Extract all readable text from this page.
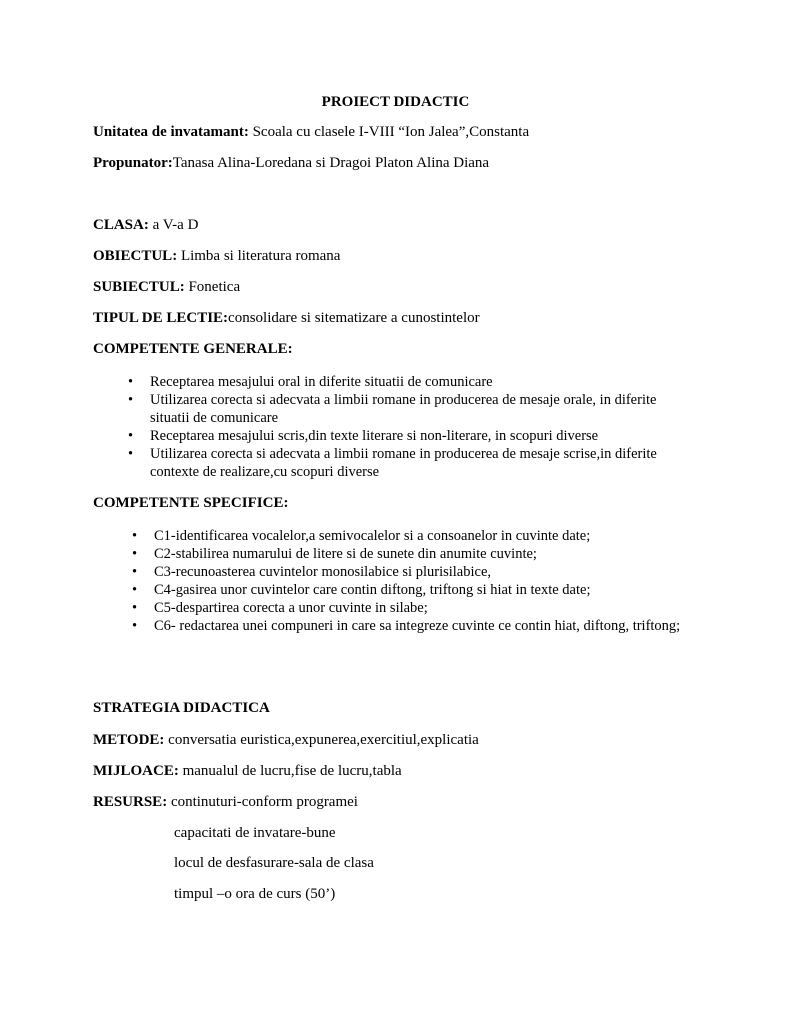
PROIECT DIDACTIC
Unitatea de invatamant: Scoala cu clasele I-VIII “Ion Jalea”,Constanta
Propunator:Tanasa Alina-Loredana si Dragoi Platon Alina Diana
CLASA: a V-a D
OBIECTUL: Limba si literatura romana
SUBIECTUL: Fonetica
TIPUL DE LECTIE:consolidare si sitematizare a cunostintelor
COMPETENTE GENERALE:
•	Receptarea mesajului oral in diferite situatii de comunicare
•	Utilizarea corecta si adecvata a limbii romane in producerea de mesaje orale, in diferite situatii de comunicare
•	Receptarea mesajului scris,din texte literare si non-literare, in scopuri diverse
•	Utilizarea corecta si adecvata a limbii romane in producerea de mesaje scrise,in diferite contexte de realizare,cu scopuri diverse
COMPETENTE SPECIFICE:
•	C1-identificarea vocalelor,a semivocalelor si a consoanelor in cuvinte date;
•	C2-stabilirea numarului de litere si de sunete din anumite cuvinte;
•	C3-recunoasterea cuvintelor monosilabice si plurisilabice,
•	C4-gasirea unor cuvintelor care contin diftong, triftong si hiat in texte date;
•	C5-despartirea corecta a unor cuvinte in silabe;
•	C6- redactarea unei compuneri in care sa integreze cuvinte ce contin hiat, diftong, triftong;
STRATEGIA DIDACTICA
METODE: conversatia euristica,expunerea,exercitiul,explicatia
MIJLOACE: manualul de lucru,fise de lucru,tabla
RESURSE: continuturi-conform programei
capacitati de invatare-bune
locul de desfasurare-sala de clasa
timpul –o ora de curs (50’)
